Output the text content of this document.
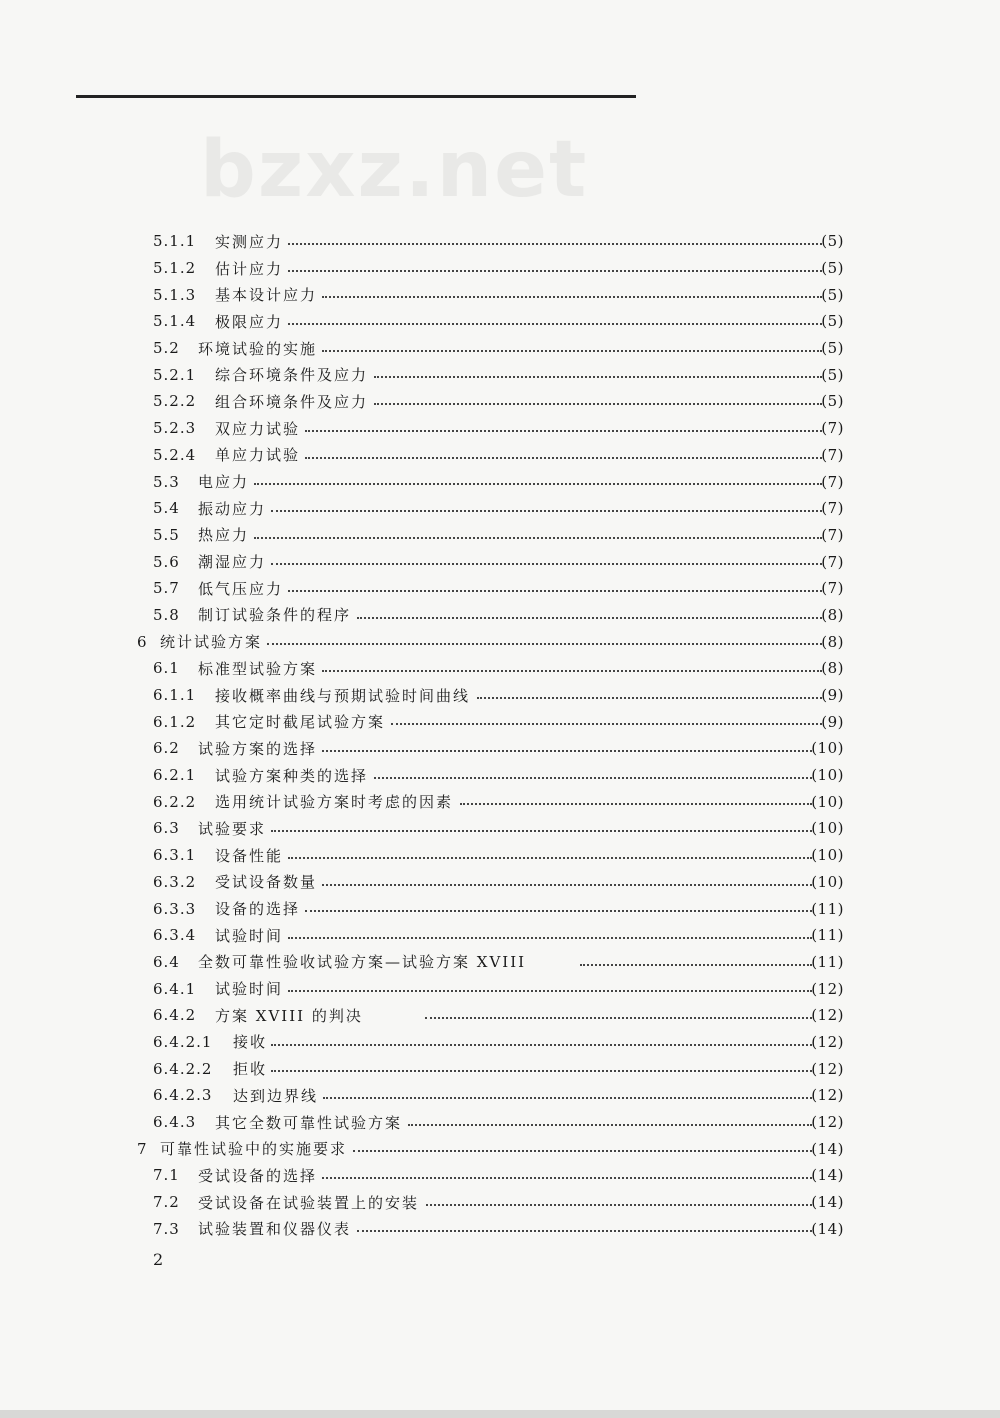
bzxz.net
5.1.1 实测应力	(5)
5.1.2 估计应力	(5)
5.1.3 基本设计应力	(5)
5.1.4 极限应力	(5)
5.2 环境试验的实施	(5)
5.2.1 综合环境条件及应力	(5)
5.2.2 组合环境条件及应力	(5)
5.2.3 双应力试验	(7)
5.2.4 单应力试验	(7)
5.3 电应力	(7)
5.4 振动应力	(7)
5.5 热应力	(7)
5.6 潮湿应力	(7)
5.7 低气压应力	(7)
5.8 制订试验条件的程序	(8)
6 统计试验方案	(8)
6.1 标准型试验方案	(8)
6.1.1 接收概率曲线与预期试验时间曲线	(9)
6.1.2 其它定时截尾试验方案	(9)
6.2 试验方案的选择	(10)
6.2.1 试验方案种类的选择	(10)
6.2.2 选用统计试验方案时考虑的因素	(10)
6.3 试验要求	(10)
6.3.1 设备性能	(10)
6.3.2 受试设备数量	(10)
6.3.3 设备的选择	(11)
6.3.4 试验时间	(11)
6.4 全数可靠性验收试验方案—试验方案 XVIII	(11)
6.4.1 试验时间	(12)
6.4.2 方案 XVIII 的判决	(12)
6.4.2.1 接收	(12)
6.4.2.2 拒收	(12)
6.4.2.3 达到边界线	(12)
6.4.3 其它全数可靠性试验方案	(12)
7 可靠性试验中的实施要求	(14)
7.1 受试设备的选择	(14)
7.2 受试设备在试验装置上的安装	(14)
7.3 试验装置和仪器仪表	(14)
2
